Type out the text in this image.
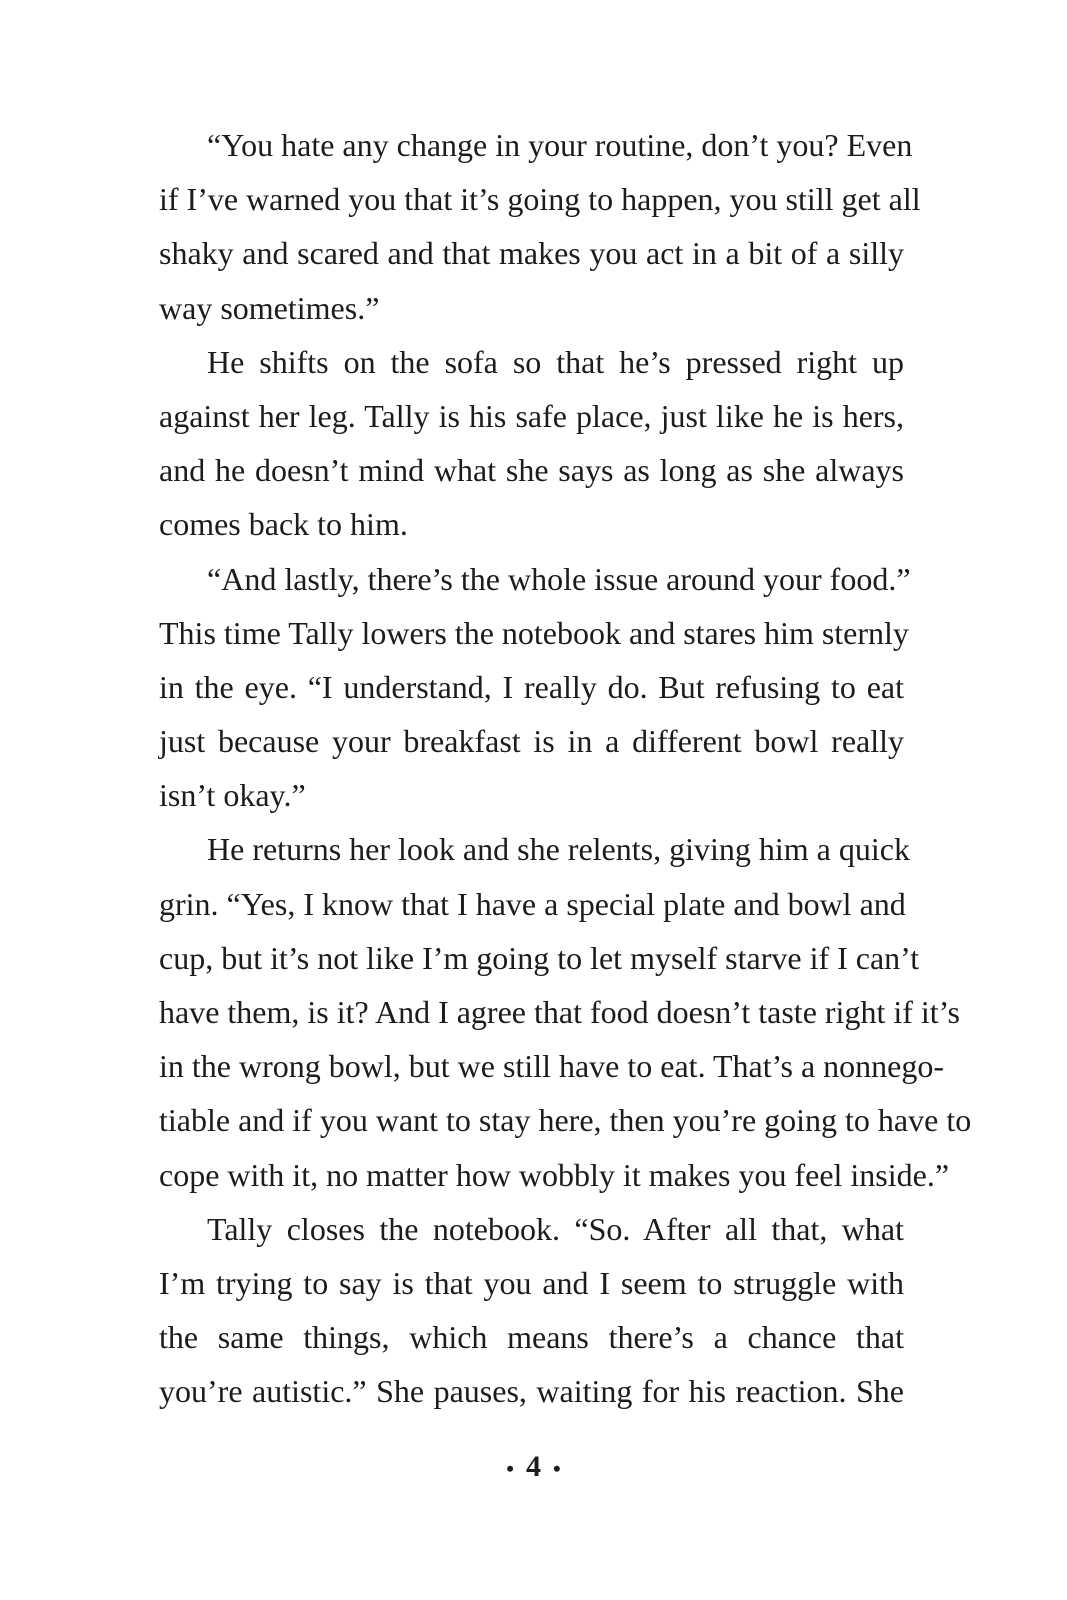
“You hate any change in your routine, don’t you? Even
if I’ve warned you that it’s going to happen, you still get all
shaky and scared and that makes you act in a bit of a silly
way sometimes.”
He shifts on the sofa so that he’s pressed right up
against her leg. Tally is his safe place, just like he is hers,
and he doesn’t mind what she says as long as she always
comes back to him.
“And lastly, there’s the whole issue around your food.”
This time Tally lowers the notebook and stares him sternly
in the eye. “I understand, I really do. But refusing to eat
just because your breakfast is in a different bowl really
isn’t okay.”
He returns her look and she relents, giving him a quick
grin. “Yes, I know that I have a special plate and bowl and
cup, but it’s not like I’m going to let myself starve if I can’t
have them, is it? And I agree that food doesn’t taste right if it’s
in the wrong bowl, but we still have to eat. That’s a nonnego-
tiable and if you want to stay here, then you’re going to have to
cope with it, no matter how wobbly it makes you feel inside.”
Tally closes the notebook. “So. After all that, what
I’m trying to say is that you and I seem to struggle with
the same things, which means there’s a chance that
you’re autistic.” She pauses, waiting for his reaction. She
• 4 •
